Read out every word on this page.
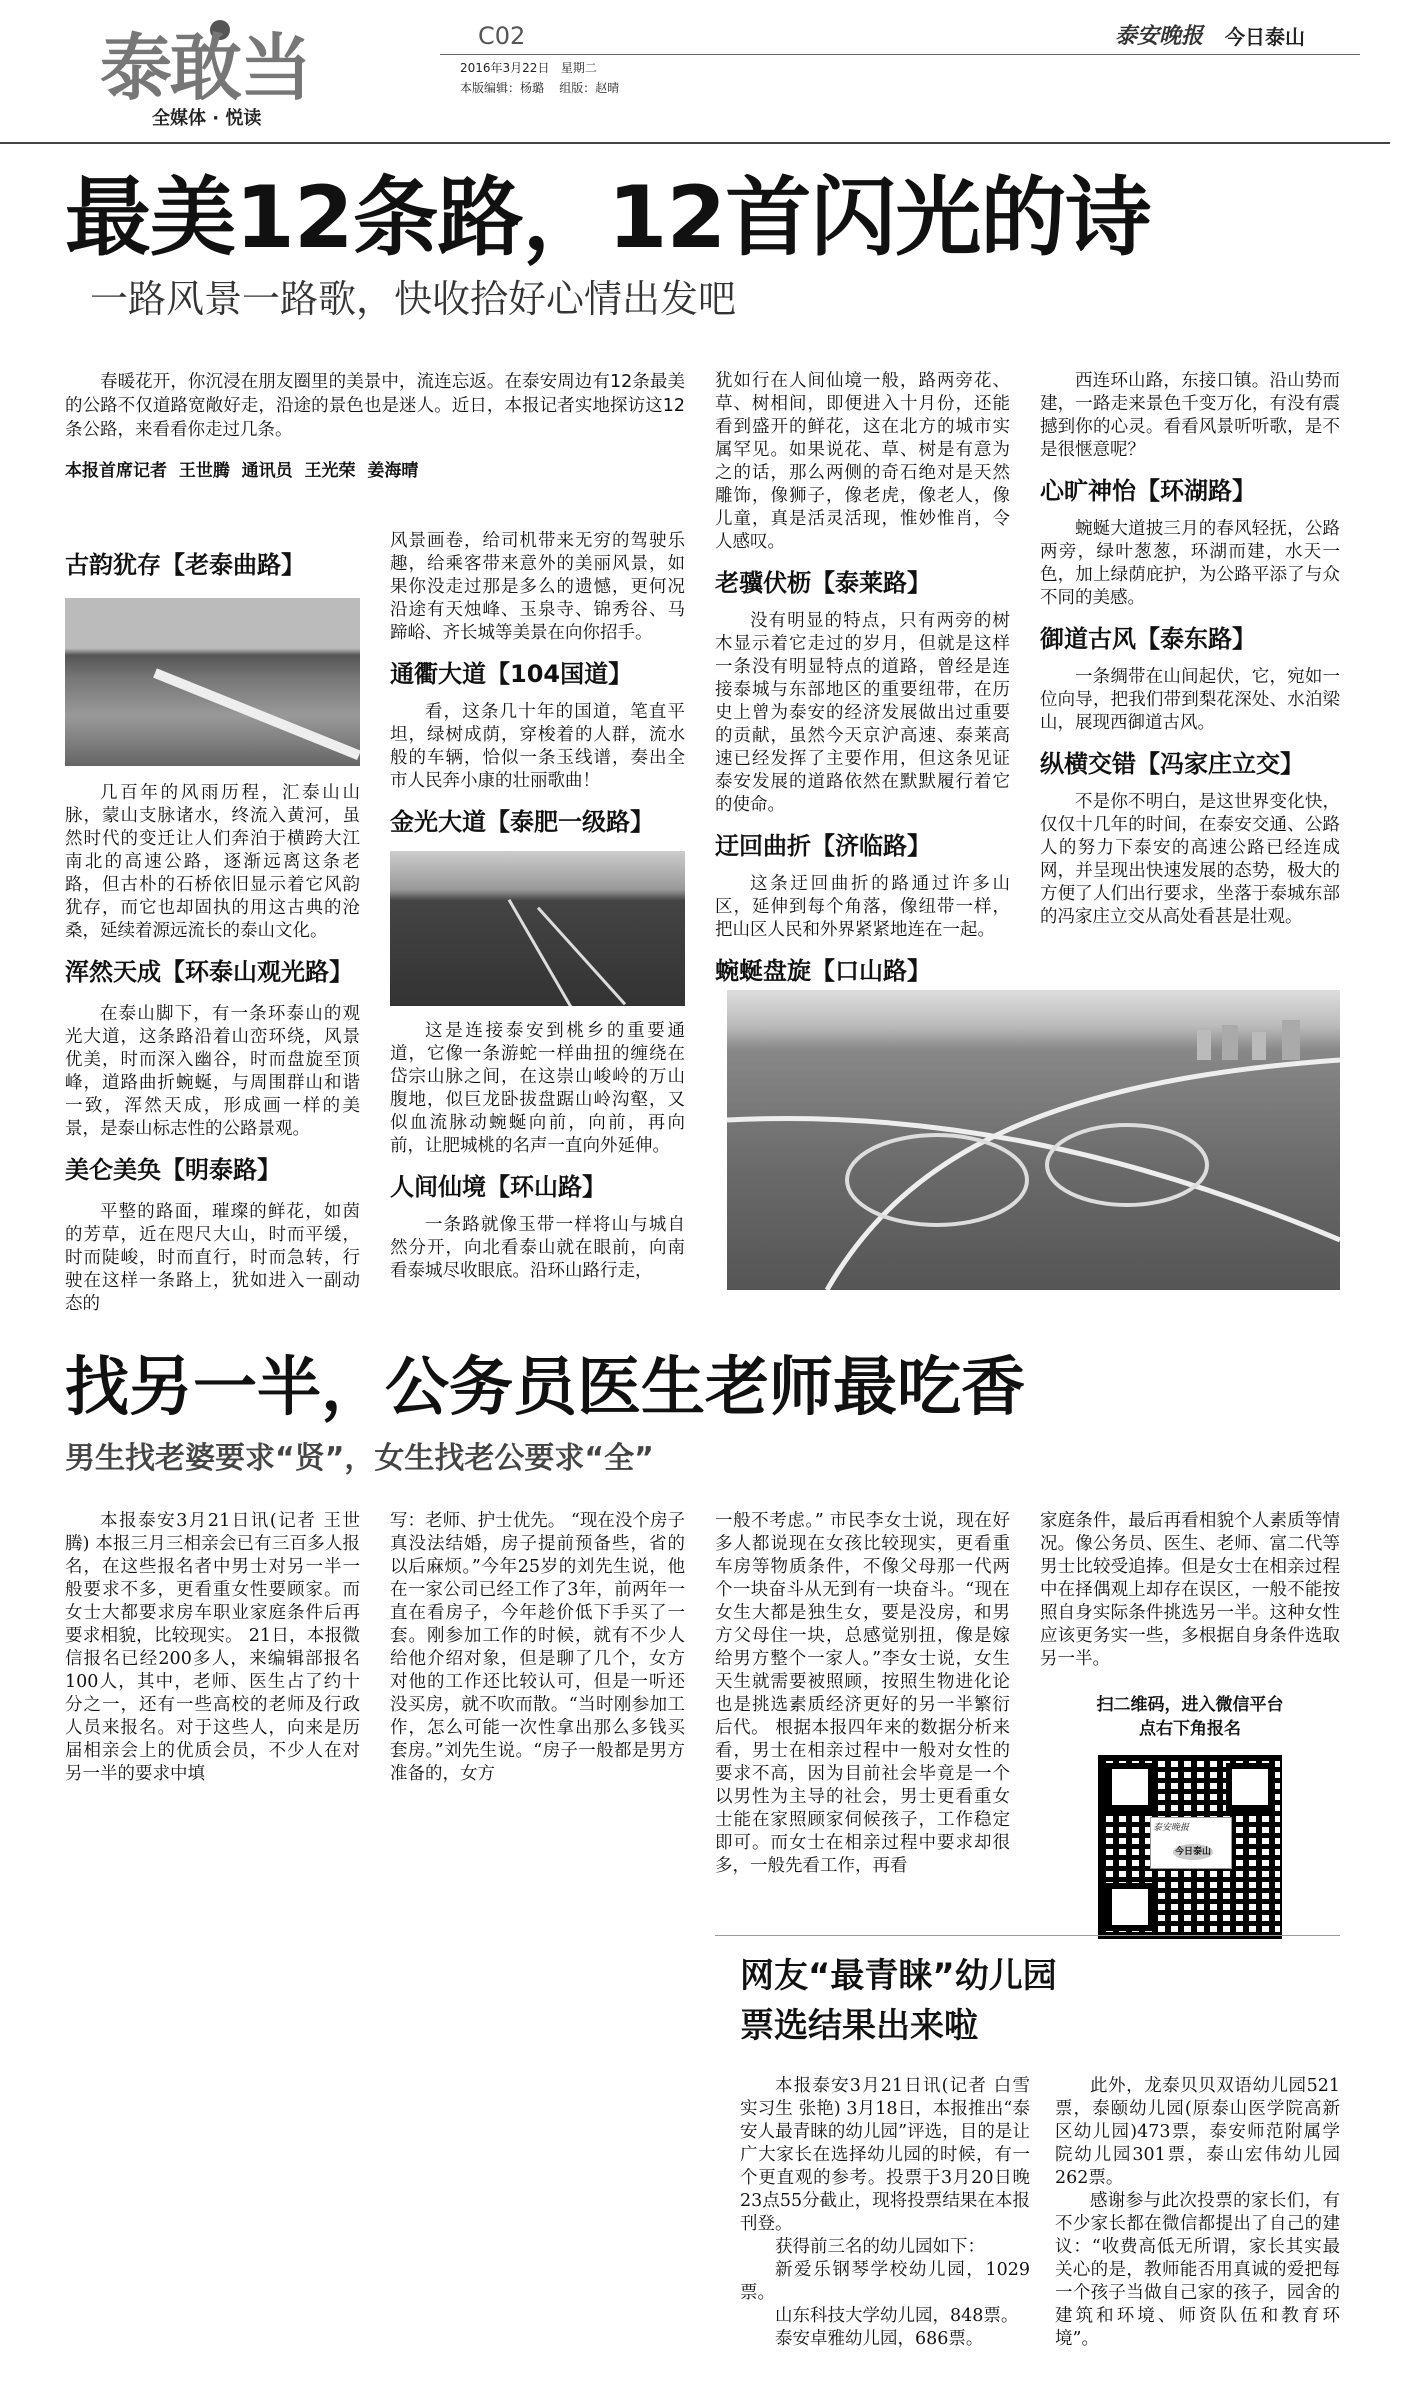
泰敢当
全媒体 · 悦读
C02
2016年3月22日   星期二
本版编辑：杨璐    组版：赵晴
泰安晚报 今日泰山
最美12条路，12首闪光的诗
一路风景一路歌，快收拾好心情出发吧

春暖花开，你沉浸在朋友圈里的美景中，流连忘返。在泰安周边有12条最美的公路不仅道路宽敞好走，沿途的景色也是迷人。近日，本报记者实地探访这12条公路，来看看你走过几条。

本报首席记者  王世腾  通讯员  王光荣  姜海晴

古韵犹存【老泰曲路】

几百年的风雨历程，汇泰山山脉，蒙山支脉诸水，终流入黄河，虽然时代的变迁让人们奔泊于横跨大江南北的高速公路，逐渐远离这条老路，但古朴的石桥依旧显示着它风韵犹存，而它也却固执的用这古典的沧桑，延续着源远流长的泰山文化。

浑然天成【环泰山观光路】

在泰山脚下，有一条环泰山的观光大道，这条路沿着山峦环绕，风景优美，时而深入幽谷，时而盘旋至顶峰，道路曲折蜿蜒，与周围群山和谐一致，浑然天成，形成画一样的美景，是泰山标志性的公路景观。

美仑美奂【明泰路】

平整的路面，璀璨的鲜花，如茵的芳草，近在咫尺大山，时而平缓，时而陡峻，时而直行，时而急转，行驶在这样一条路上，犹如进入一副动态的

风景画卷，给司机带来无穷的驾驶乐趣，给乘客带来意外的美丽风景，如果你没走过那是多么的遗憾，更何况沿途有天烛峰、玉泉寺、锦秀谷、马蹄峪、齐长城等美景在向你招手。

通衢大道【104国道】

看，这条几十年的国道，笔直平坦，绿树成荫，穿梭着的人群，流水般的车辆，恰似一条玉线谱，奏出全市人民奔小康的壮丽歌曲！

金光大道【泰肥一级路】

这是连接泰安到桃乡的重要通道，它像一条游蛇一样曲扭的缠绕在岱宗山脉之间，在这崇山峻岭的万山腹地，似巨龙卧拔盘踞山岭沟壑，又似血流脉动蜿蜒向前，向前，再向前，让肥城桃的名声一直向外延伸。

人间仙境【环山路】

一条路就像玉带一样将山与城自然分开，向北看泰山就在眼前，向南看泰城尽收眼底。沿环山路行走，

犹如行在人间仙境一般，路两旁花、草、树相间，即便进入十月份，还能看到盛开的鲜花，这在北方的城市实属罕见。如果说花、草、树是有意为之的话，那么两侧的奇石绝对是天然雕饰，像狮子，像老虎，像老人，像儿童，真是活灵活现，惟妙惟肖，令人感叹。

老骥伏枥【泰莱路】

没有明显的特点，只有两旁的树木显示着它走过的岁月，但就是这样一条没有明显特点的道路，曾经是连接泰城与东部地区的重要纽带，在历史上曾为泰安的经济发展做出过重要的贡献，虽然今天京沪高速、泰莱高速已经发挥了主要作用，但这条见证泰安发展的道路依然在默默履行着它的使命。

迂回曲折【济临路】

这条迂回曲折的路通过许多山区，延伸到每个角落，像纽带一样，把山区人民和外界紧紧地连在一起。

蜿蜒盘旋【口山路】

西连环山路，东接口镇。沿山势而建，一路走来景色千变万化，有没有震撼到你的心灵。看看风景听听歌，是不是很惬意呢？

心旷神怡【环湖路】

蜿蜒大道披三月的春风轻抚，公路两旁，绿叶葱葱，环湖而建，水天一色，加上绿荫庇护，为公路平添了与众不同的美感。

御道古风【泰东路】

一条绸带在山间起伏，它，宛如一位向导，把我们带到梨花深处、水泊梁山，展现西御道古风。

纵横交错【冯家庄立交】

不是你不明白，是这世界变化快，仅仅十几年的时间，在泰安交通、公路人的努力下泰安的高速公路已经连成网，并呈现出快速发展的态势，极大的方便了人们出行要求，坐落于泰城东部的冯家庄立交从高处看甚是壮观。

找另一半，公务员医生老师最吃香
男生找老婆要求“贤”，女生找老公要求“全”

本报泰安3月21日讯(记者 王世腾) 本报三月三相亲会已有三百多人报名，在这些报名者中男士对另一半一般要求不多，更看重女性要顾家。而女士大都要求房车职业家庭条件后再要求相貌，比较现实。 21日，本报微信报名已经200多人，来编辑部报名100人，其中，老师、医生占了约十分之一，还有一些高校的老师及行政人员来报名。对于这些人，向来是历届相亲会上的优质会员，不少人在对另一半的要求中填

写：老师、护士优先。 “现在没个房子真没法结婚，房子提前预备些，省的以后麻烦。”今年25岁的刘先生说，他在一家公司已经工作了3年，前两年一直在看房子，今年趁价低下手买了一套。刚参加工作的时候，就有不少人给他介绍对象，但是聊了几个，女方对他的工作还比较认可，但是一听还没买房，就不吹而散。“当时刚参加工作，怎么可能一次性拿出那么多钱买套房。”刘先生说。“房子一般都是男方准备的，女方

一般不考虑。” 市民李女士说，现在好多人都说现在女孩比较现实，更看重车房等物质条件，不像父母那一代两个一块奋斗从无到有一块奋斗。“现在女生大都是独生女，要是没房，和男方父母住一块，总感觉别扭，像是嫁给男方整个一家人。”李女士说，女生天生就需要被照顾，按照生物进化论也是挑选素质经济更好的另一半繁衍后代。 根据本报四年来的数据分析来看，男士在相亲过程中一般对女性的要求不高，因为目前社会毕竟是一个以男性为主导的社会，男士更看重女士能在家照顾家伺候孩子，工作稳定即可。而女士在相亲过程中要求却很多，一般先看工作，再看

家庭条件，最后再看相貌个人素质等情况。像公务员、医生、老师、富二代等男士比较受追捧。但是女士在相亲过程中在择偶观上却存在误区，一般不能按照自身实际条件挑选另一半。这种女性应该更务实一些，多根据自身条件选取另一半。

扫二维码，进入微信平台
点右下角报名
泰安晚报
今日泰山
网友“最青睐”幼儿园
票选结果出来啦

本报泰安3月21日讯(记者 白雪 实习生 张艳) 3月18日，本报推出“泰安人最青睐的幼儿园”评选，目的是让广大家长在选择幼儿园的时候，有一个更直观的参考。投票于3月20日晚23点55分截止，现将投票结果在本报刊登。

获得前三名的幼儿园如下：

新爱乐钢琴学校幼儿园，1029票。

山东科技大学幼儿园，848票。

泰安卓雅幼儿园，686票。

此外，龙泰贝贝双语幼儿园521票，泰颐幼儿园(原泰山医学院高新区幼儿园)473票，泰安师范附属学院幼儿园301票，泰山宏伟幼儿园262票。

感谢参与此次投票的家长们，有不少家长都在微信都提出了自己的建议：“收费高低无所谓，家长其实最关心的是，教师能否用真诚的爱把每一个孩子当做自己家的孩子，园舍的建筑和环境、师资队伍和教育环境”。
